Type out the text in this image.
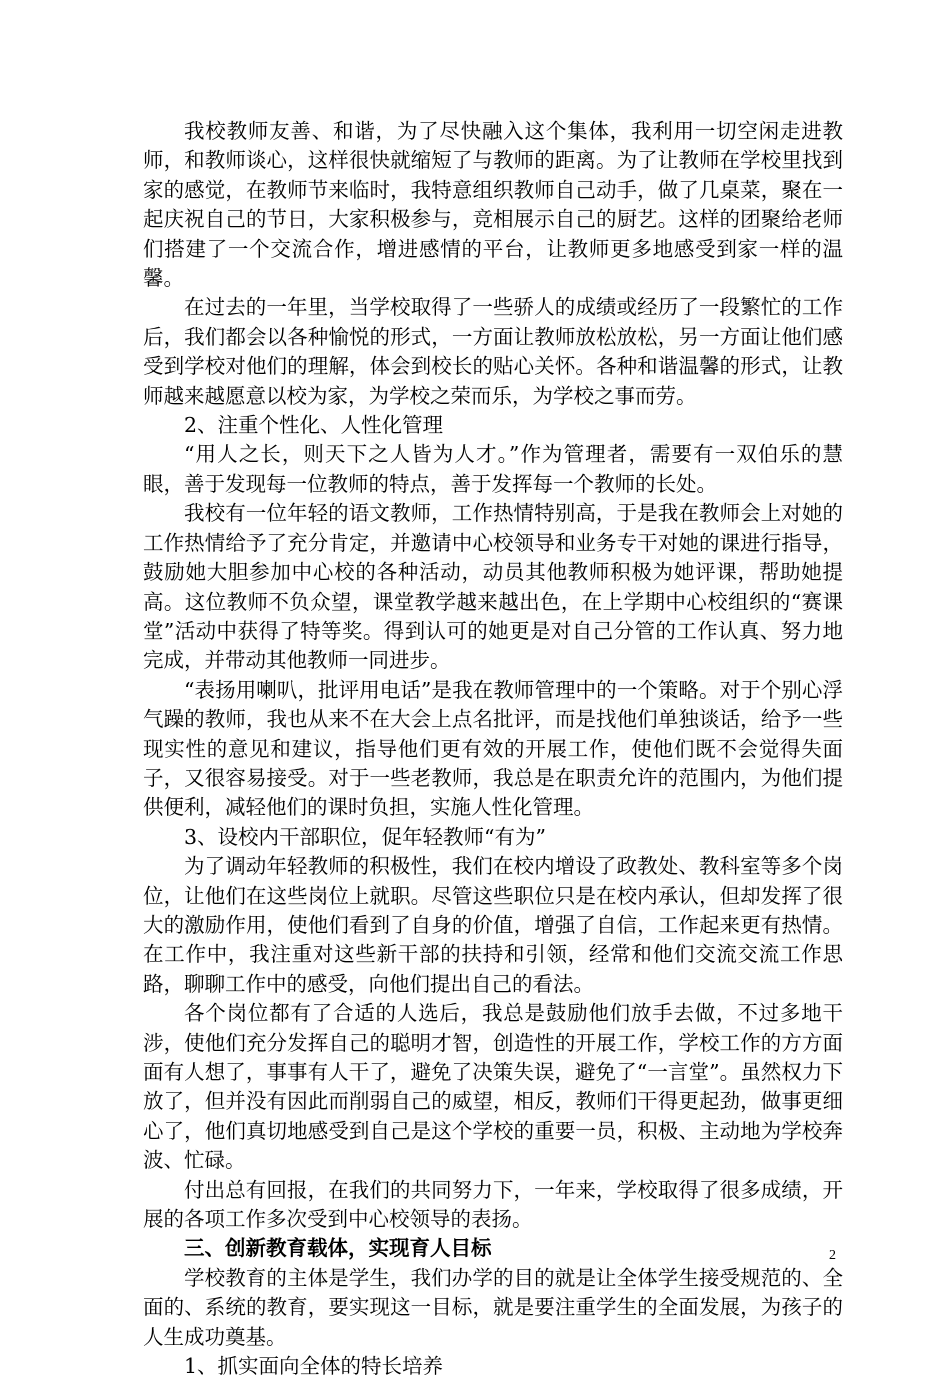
我校教师友善、和谐，为了尽快融入这个集体，我利用一切空闲走进教师，和教师谈心，这样很快就缩短了与教师的距离。为了让教师在学校里找到家的感觉，在教师节来临时，我特意组织教师自己动手，做了几桌菜，聚在一起庆祝自己的节日，大家积极参与，竞相展示自己的厨艺。这样的团聚给老师们搭建了一个交流合作，增进感情的平台，让教师更多地感受到家一样的温馨。

在过去的一年里，当学校取得了一些骄人的成绩或经历了一段繁忙的工作后，我们都会以各种愉悦的形式，一方面让教师放松放松，另一方面让他们感受到学校对他们的理解，体会到校长的贴心关怀。各种和谐温馨的形式，让教师越来越愿意以校为家，为学校之荣而乐，为学校之事而劳。

2、注重个性化、人性化管理

“用人之长，则天下之人皆为人才。”作为管理者，需要有一双伯乐的慧眼，善于发现每一位教师的特点，善于发挥每一个教师的长处。

我校有一位年轻的语文教师，工作热情特别高，于是我在教师会上对她的工作热情给予了充分肯定，并邀请中心校领导和业务专干对她的课进行指导，鼓励她大胆参加中心校的各种活动，动员其他教师积极为她评课，帮助她提高。这位教师不负众望，课堂教学越来越出色，在上学期中心校组织的“赛课堂”活动中获得了特等奖。得到认可的她更是对自己分管的工作认真、努力地完成，并带动其他教师一同进步。

“表扬用喇叭，批评用电话”是我在教师管理中的一个策略。对于个别心浮气躁的教师，我也从来不在大会上点名批评，而是找他们单独谈话，给予一些现实性的意见和建议，指导他们更有效的开展工作，使他们既不会觉得失面子，又很容易接受。对于一些老教师，我总是在职责允许的范围内，为他们提供便利，减轻他们的课时负担，实施人性化管理。

3、设校内干部职位，促年轻教师“有为”

为了调动年轻教师的积极性，我们在校内增设了政教处、教科室等多个岗位，让他们在这些岗位上就职。尽管这些职位只是在校内承认，但却发挥了很大的激励作用，使他们看到了自身的价值，增强了自信，工作起来更有热情。在工作中，我注重对这些新干部的扶持和引领，经常和他们交流交流工作思路，聊聊工作中的感受，向他们提出自己的看法。

各个岗位都有了合适的人选后，我总是鼓励他们放手去做，不过多地干涉，使他们充分发挥自己的聪明才智，创造性的开展工作，学校工作的方方面面有人想了，事事有人干了，避免了决策失误，避免了“一言堂”。虽然权力下放了，但并没有因此而削弱自己的威望，相反，教师们干得更起劲，做事更细心了，他们真切地感受到自己是这个学校的重要一员，积极、主动地为学校奔波、忙碌。

付出总有回报，在我们的共同努力下，一年来，学校取得了很多成绩，开展的各项工作多次受到中心校领导的表扬。

三、创新教育载体，实现育人目标

学校教育的主体是学生，我们办学的目的就是让全体学生接受规范的、全面的、系统的教育，要实现这一目标，就是要注重学生的全面发展，为孩子的人生成功奠基。

1、抓实面向全体的特长培养

2
